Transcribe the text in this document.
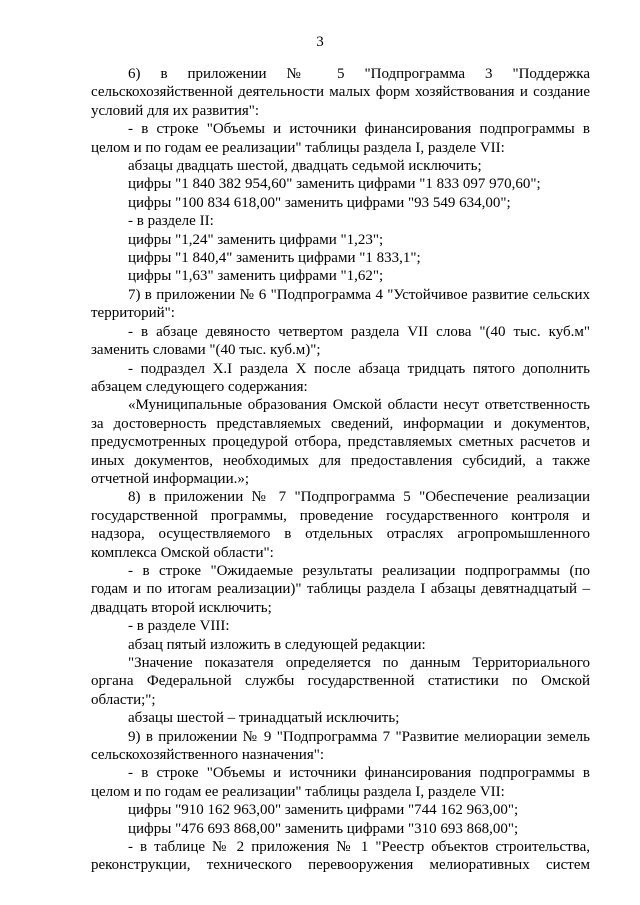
3

6) в приложении № 5 "Подпрограмма 3 "Поддержка сельскохозяйственной деятельности малых форм хозяйствования и создание условий для их развития":

- в строке "Объемы и источники финансирования подпрограммы в целом и по годам ее реализации" таблицы раздела I, разделе VII:

абзацы двадцать шестой, двадцать седьмой исключить;

цифры "1 840 382 954,60" заменить цифрами "1 833 097 970,60";

цифры "100 834 618,00" заменить цифрами "93 549 634,00";

- в разделе II:

цифры "1,24" заменить цифрами "1,23";

цифры "1 840,4" заменить цифрами "1 833,1";

цифры "1,63" заменить цифрами "1,62";

7) в приложении № 6 "Подпрограмма 4 "Устойчивое развитие сельских территорий":

- в абзаце девяносто четвертом раздела VII слова "(40 тыс. куб.м" заменить словами "(40 тыс. куб.м)";

- подраздел X.I раздела X после абзаца тридцать пятого дополнить абзацем следующего содержания:

«Муниципальные образования Омской области несут ответственность за достоверность представляемых сведений, информации и документов, предусмотренных процедурой отбора, представляемых сметных расчетов и иных документов, необходимых для предоставления субсидий, а также отчетной информации.»;

8) в приложении № 7 "Подпрограмма 5 "Обеспечение реализации государственной программы, проведение государственного контроля и надзора, осуществляемого в отдельных отраслях агропромышленного комплекса Омской области":

- в строке "Ожидаемые результаты реализации подпрограммы (по годам и по итогам реализации)" таблицы раздела I абзацы девятнадцатый – двадцать второй исключить;

- в разделе VIII:

абзац пятый изложить в следующей редакции:

"Значение показателя определяется по данным Территориального органа Федеральной службы государственной статистики по Омской области;";

абзацы шестой – тринадцатый исключить;

9) в приложении № 9 "Подпрограмма 7 "Развитие мелиорации земель сельскохозяйственного назначения":

- в строке "Объемы и источники финансирования подпрограммы в целом и по годам ее реализации" таблицы раздела I, разделе VII:

цифры "910 162 963,00" заменить цифрами "744 162 963,00";

цифры "476 693 868,00" заменить цифрами "310 693 868,00";

- в таблице № 2 приложения № 1 "Реестр объектов строительства, реконструкции, технического перевооружения мелиоративных систем
